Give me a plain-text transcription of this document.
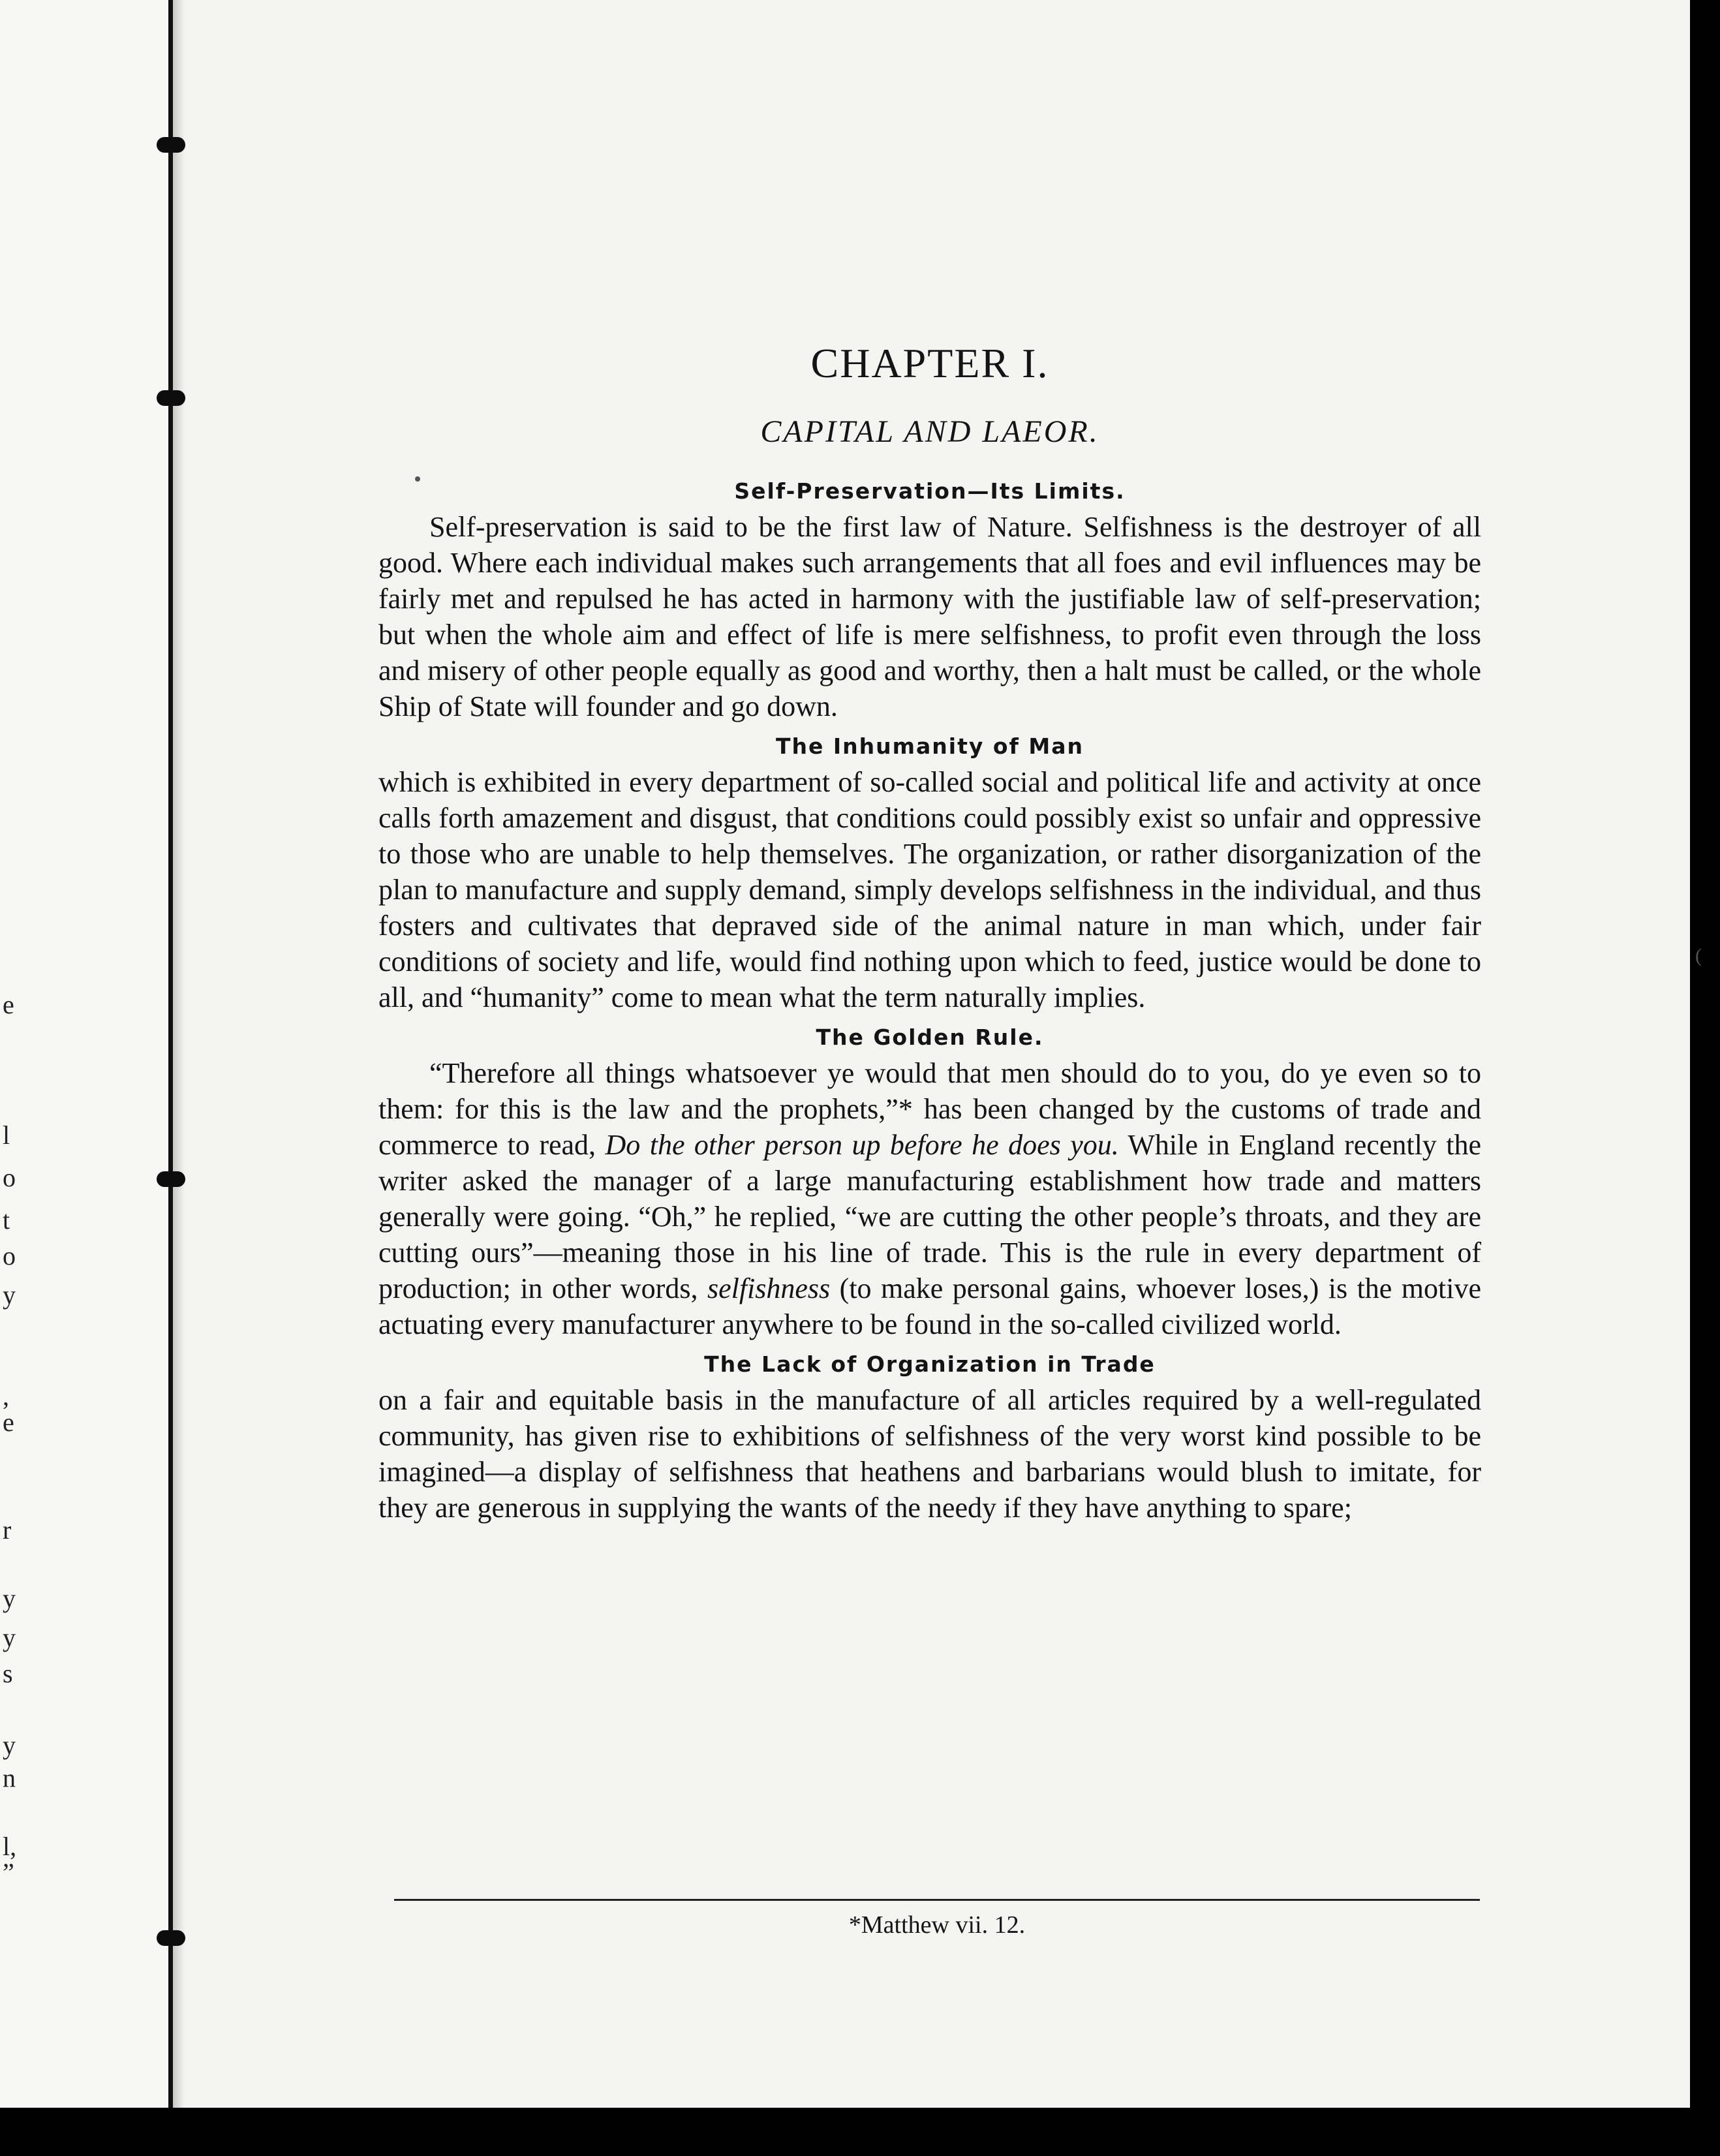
e
l
o
t
o
y
,
e
r
y
y
s
y
n
l,
”
(
CHAPTER I.
CAPITAL AND LAEOR.
Self-Preservation—Its Limits.

Self-preservation is said to be the first law of Nature. Selfishness is the destroyer of all good. Where each individual makes such arrangements that all foes and evil influences may be fairly met and repulsed he has acted in harmony with the justifiable law of self-preservation; but when the whole aim and effect of life is mere selfishness, to profit even through the loss and misery of other people equally as good and worthy, then a halt must be called, or the whole Ship of State will founder and go down.

The Inhumanity of Man

which is exhibited in every department of so-called social and political life and activity at once calls forth amazement and disgust, that conditions could possibly exist so unfair and oppressive to those who are unable to help themselves. The organization, or rather disorganization of the plan to manufacture and supply demand, simply develops selfishness in the individual, and thus fosters and cultivates that depraved side of the animal nature in man which, under fair conditions of society and life, would find nothing upon which to feed, justice would be done to all, and “humanity” come to mean what the term naturally implies.

The Golden Rule.

“Therefore all things whatsoever ye would that men should do to you, do ye even so to them: for this is the law and the prophets,”* has been changed by the customs of trade and commerce to read, Do the other person up before he does you. While in England recently the writer asked the manager of a large manufacturing establishment how trade and matters generally were going. “Oh,” he replied, “we are cutting the other people’s throats, and they are cutting ours”—meaning those in his line of trade. This is the rule in every department of production; in other words, selfishness (to make personal gains, whoever loses,) is the motive actuating every manufacturer anywhere to be found in the so-called civilized world.

The Lack of Organization in Trade

on a fair and equitable basis in the manufacture of all articles required by a well-regulated community, has given rise to exhibitions of selfishness of the very worst kind possible to be imagined—a display of selfishness that heathens and barbarians would blush to imitate, for they are generous in supplying the wants of the needy if they have anything to spare;

*Matthew vii. 12.
